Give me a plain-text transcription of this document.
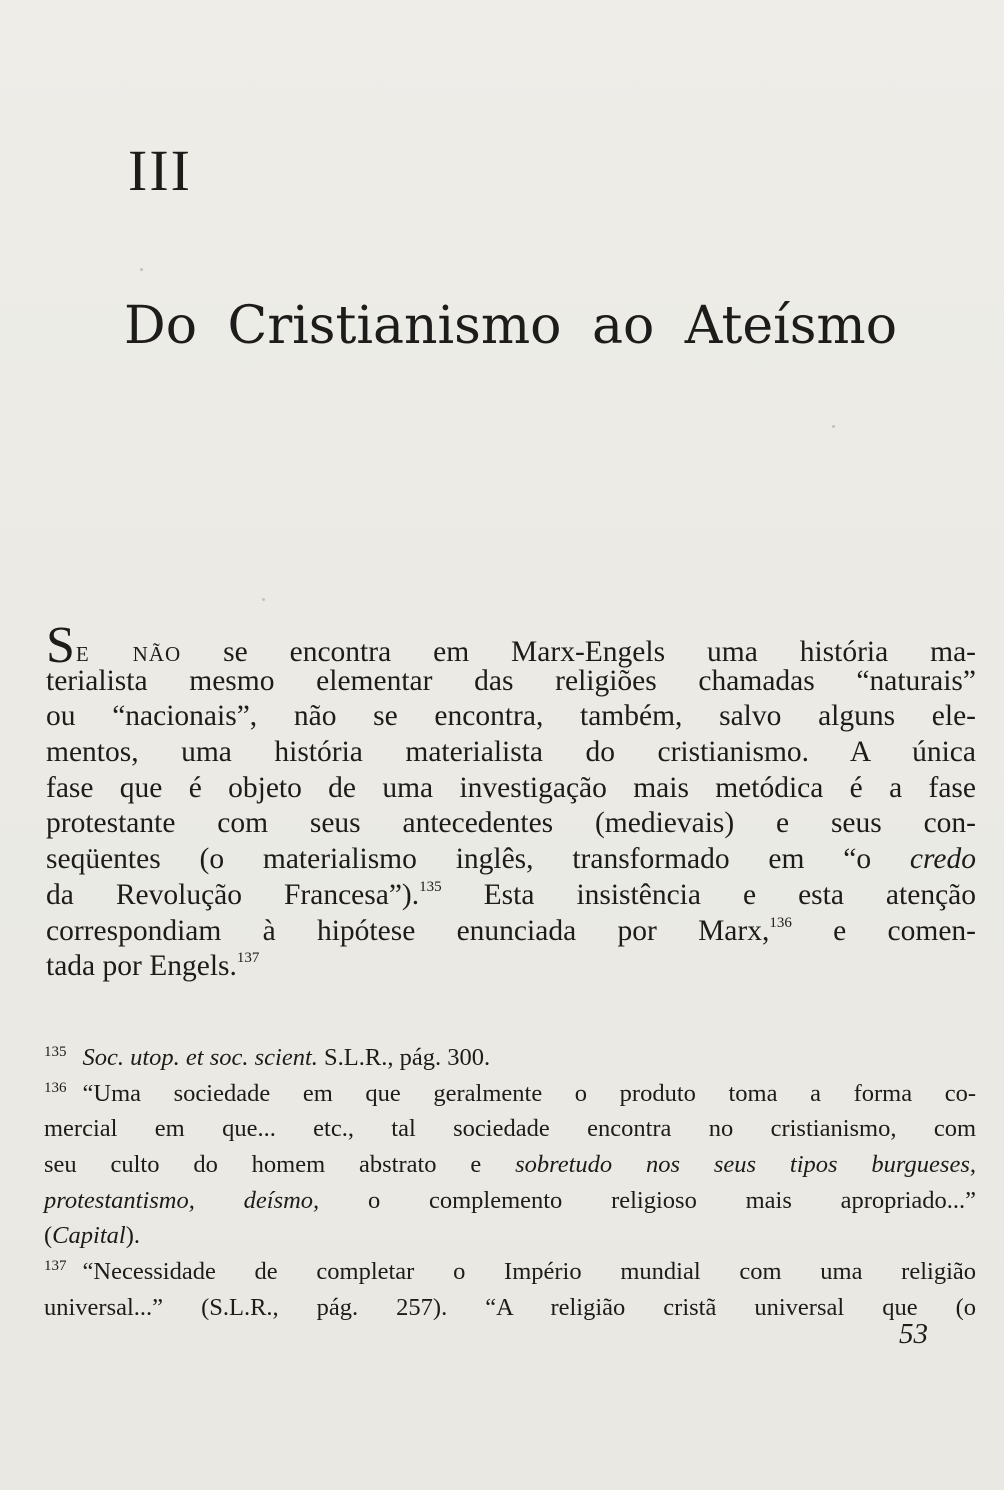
III
Do Cristianismo ao Ateísmo
Se não se encontra em Marx-Engels uma história ma-
terialista mesmo elementar das religiões chamadas “naturais”
ou “nacionais”, não se encontra, também, salvo alguns ele-
mentos, uma história materialista do cristianismo. A única
fase que é objeto de uma investigação mais metódica é a fase
protestante com seus antecedentes (medievais) e seus con-
seqüentes (o materialismo inglês, transformado em “o credo
da Revolução Francesa”).$^{135}$ Esta insistência e esta atenção
correspondiam à hipótese enunciada por Marx,$^{136}$ e comen-
tada por Engels.$^{137}$
$^{135}$ Soc. utop. et soc. scient. S.L.R., pág. 300.
$^{136}$ “Uma sociedade em que geralmente o produto toma a forma co-
mercial em que... etc., tal sociedade encontra no cristianismo, com
seu culto do homem abstrato e sobretudo nos seus tipos burgueses,
protestantismo, deísmo, o complemento religioso mais apropriado...”
(Capital).
$^{137}$ “Necessidade de completar o Império mundial com uma religião
universal...” (S.L.R., pág. 257). “A religião cristã universal que (o
53
